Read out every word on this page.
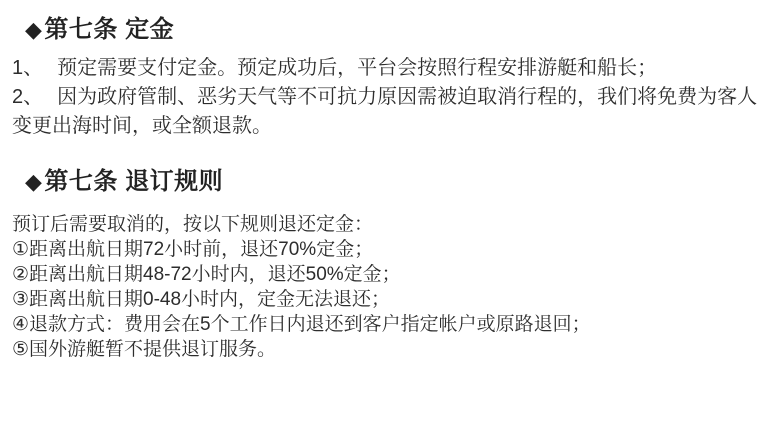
◆第七条 定金

1、 预定需要支付定金。预定成功后，平台会按照行程安排游艇和船长；

2、 因为政府管制、恶劣天气等不可抗力原因需被迫取消行程的，我们将免费为客人变更出海时间，或全额退款。

◆第七条 退订规则

预订后需要取消的，按以下规则退还定金：

①距离出航日期72小时前，退还70%定金；

②距离出航日期48-72小时内，退还50%定金；

③距离出航日期0-48小时内，定金无法退还；

④退款方式：费用会在5个工作日内退还到客户指定帐户或原路退回；

⑤国外游艇暂不提供退订服务。
